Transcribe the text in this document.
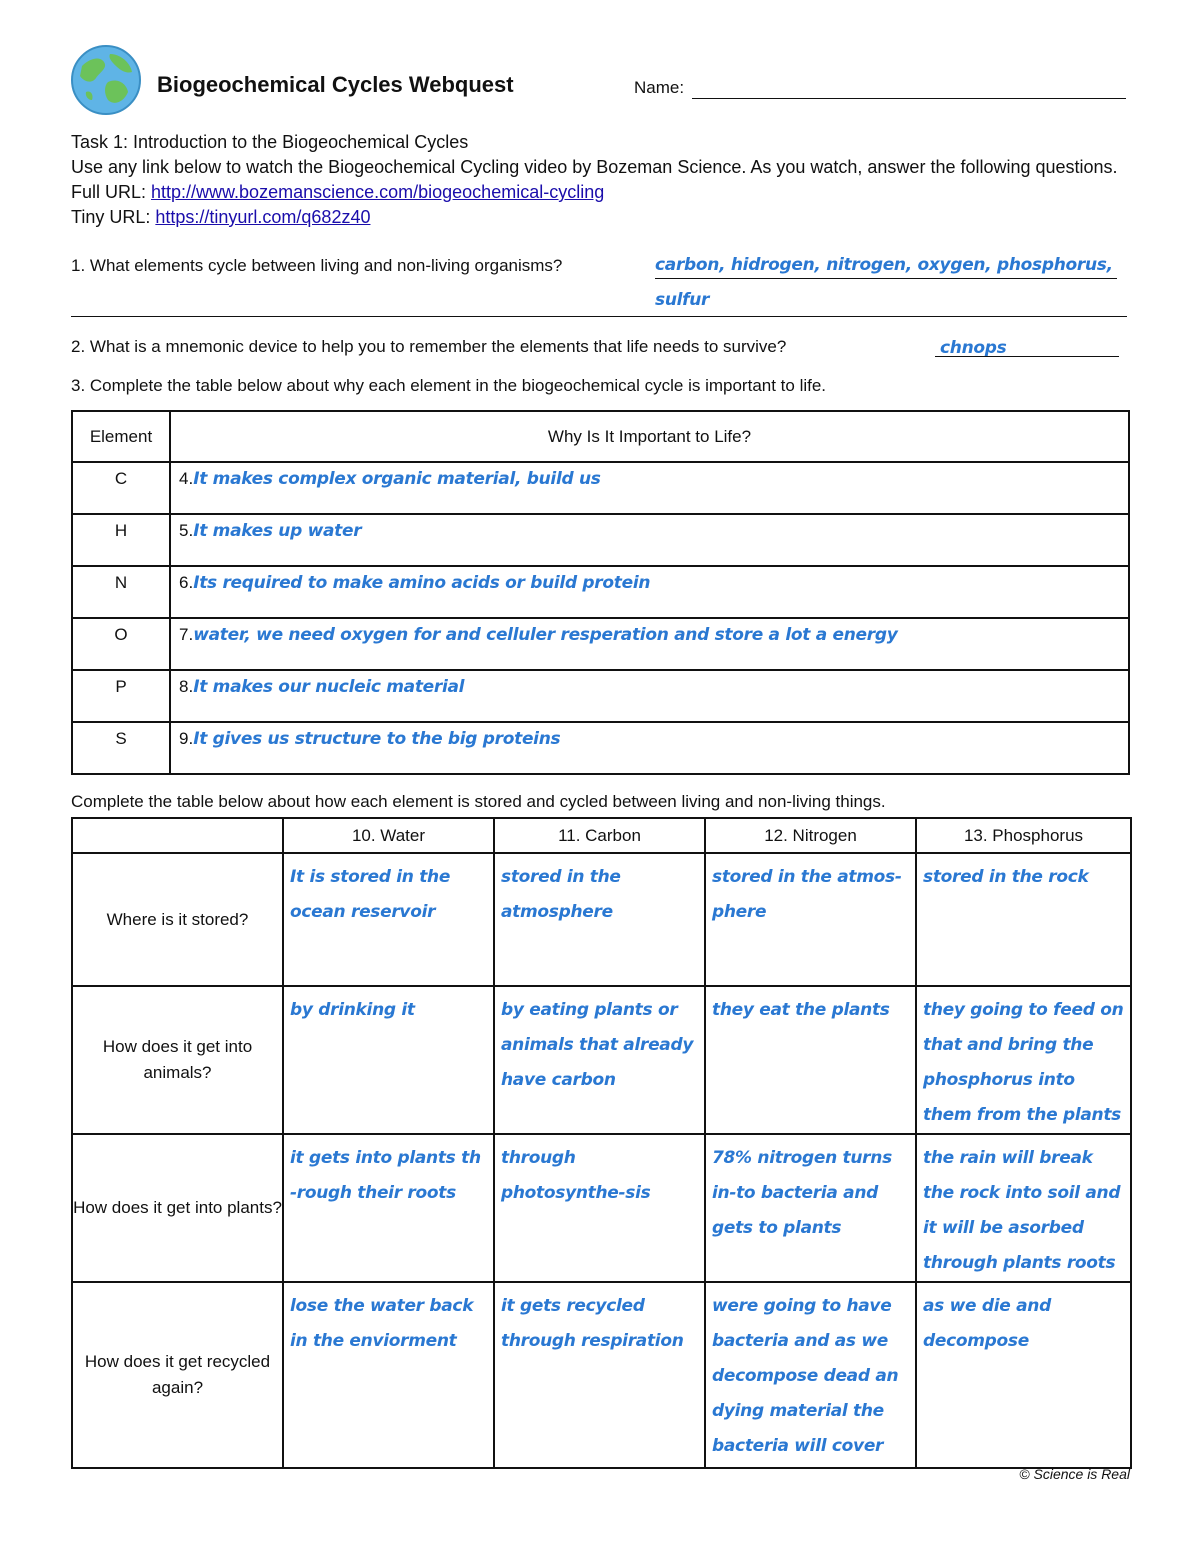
Biogeochemical Cycles Webquest	Name:
Task 1: Introduction to the Biogeochemical Cycles
Use any link below to watch the Biogeochemical Cycling video by Bozeman Science. As you watch, answer the following questions. Full URL: http://www.bozemanscience.com/biogeochemical-cycling
Tiny URL: https://tinyurl.com/q682z40
1. What elements cycle between living and non-living organisms?	carbon, hidrogen, nitrogen, oxygen, phosphorus,
sulfur
2. What is a mnemonic device to help you to remember the elements that life needs to survive?	chnops
3. Complete the table below about why each element in the biogeochemical cycle is important to life.
Element	Why Is It Important to Life?
C	4.It makes complex organic material, build us
H	5.It makes up water
N	6.Its required to make amino acids or build protein
O	7.water, we need oxygen for and celluler resperation and store a lot a energy
P	8.It makes our nucleic material
S	9.It gives us structure to the big proteins
Complete the table below about how each element is stored and cycled between living and non-living things.
	10. Water	11. Carbon	12. Nitrogen	13. Phosphorus
Where is it stored?	It is stored in the ocean reservoir	stored in the atmosphere	stored in the atmos-phere	stored in the rock
How does it get into animals?	by drinking it	by eating plants or animals that already have carbon	they eat the plants	they going to feed on that and bring the phosphorus into them from the plants
How does it get into plants?	it gets into plants th -rough their roots	through photosynthe-sis	78% nitrogen turns in-to bacteria and gets to plants	the rain will break the rock into soil and it will be asorbed through plants roots
How does it get recycled again?	lose the water back in the enviorment	it gets recycled through respiration	were going to have bacteria and as we decompose dead an dying material the bacteria will cover	as we die and decompose
© Science is Real
